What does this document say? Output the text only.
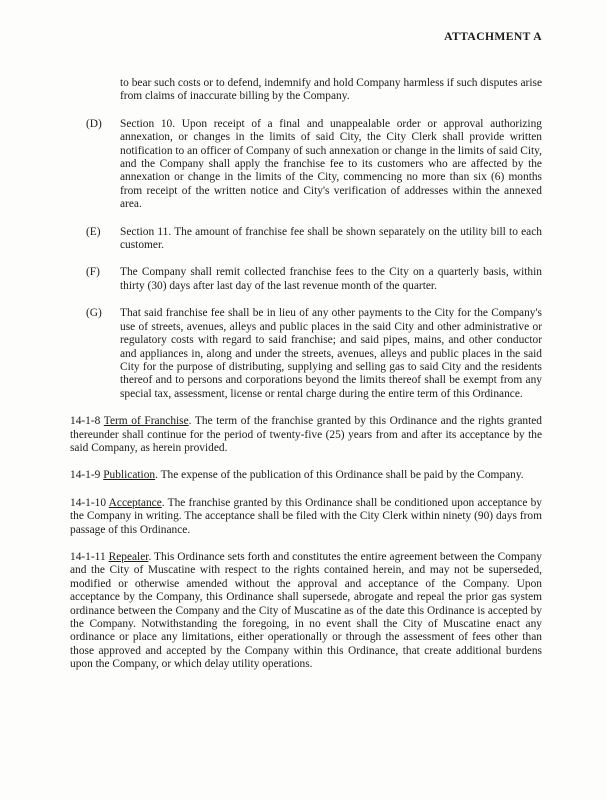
ATTACHMENT A

to bear such costs or to defend, indemnify and hold Company harmless if such disputes arise from claims of inaccurate billing by the Company.

(D)	Section 10. Upon receipt of a final and unappealable order or approval authorizing annexation, or changes in the limits of said City, the City Clerk shall provide written notification to an officer of Company of such annexation or change in the limits of said City, and the Company shall apply the franchise fee to its customers who are affected by the annexation or change in the limits of the City, commencing no more than six (6) months from receipt of the written notice and City's verification of addresses within the annexed area.
(E)	Section 11. The amount of franchise fee shall be shown separately on the utility bill to each customer.
(F)	The Company shall remit collected franchise fees to the City on a quarterly basis, within thirty (30) days after last day of the last revenue month of the quarter.
(G)	That said franchise fee shall be in lieu of any other payments to the City for the Company's use of streets, avenues, alleys and public places in the said City and other administrative or regulatory costs with regard to said franchise; and said pipes, mains, and other conductor and appliances in, along and under the streets, avenues, alleys and public places in the said City for the purpose of distributing, supplying and selling gas to said City and the residents thereof and to persons and corporations beyond the limits thereof shall be exempt from any special tax, assessment, license or rental charge during the entire term of this Ordinance.

14-1-8 Term of Franchise. The term of the franchise granted by this Ordinance and the rights granted thereunder shall continue for the period of twenty-five (25) years from and after its acceptance by the said Company, as herein provided.

14-1-9 Publication. The expense of the publication of this Ordinance shall be paid by the Company.

14-1-10 Acceptance. The franchise granted by this Ordinance shall be conditioned upon acceptance by the Company in writing. The acceptance shall be filed with the City Clerk within ninety (90) days from passage of this Ordinance.

14-1-11 Repealer. This Ordinance sets forth and constitutes the entire agreement between the Company and the City of Muscatine with respect to the rights contained herein, and may not be superseded, modified or otherwise amended without the approval and acceptance of the Company. Upon acceptance by the Company, this Ordinance shall supersede, abrogate and repeal the prior gas system ordinance between the Company and the City of Muscatine as of the date this Ordinance is accepted by the Company. Notwithstanding the foregoing, in no event shall the City of Muscatine enact any ordinance or place any limitations, either operationally or through the assessment of fees other than those approved and accepted by the Company within this Ordinance, that create additional burdens upon the Company, or which delay utility operations.
